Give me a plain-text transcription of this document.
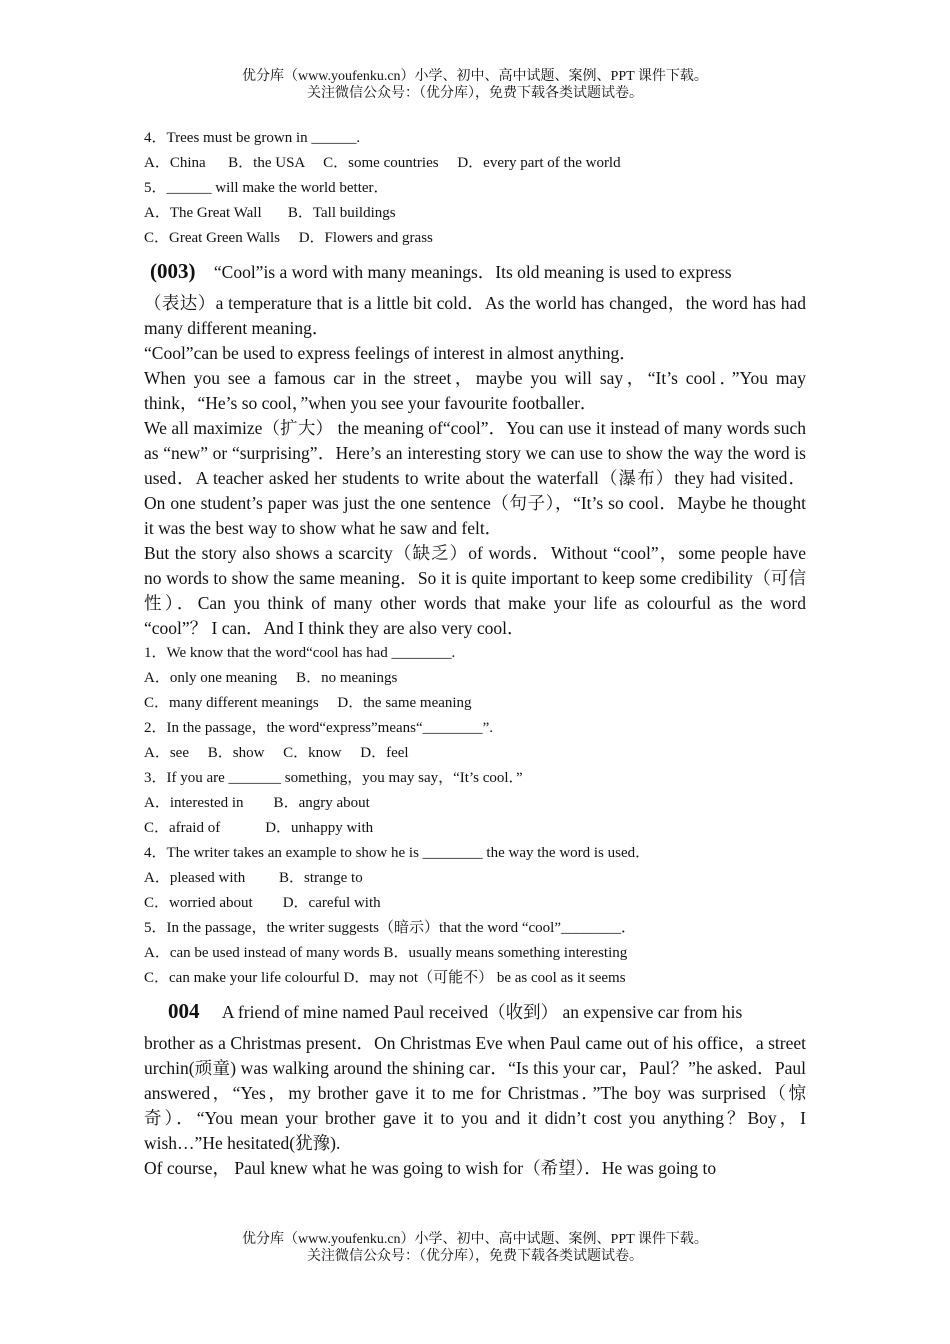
优分库（www.youfenku.cn）小学、初中、高中试题、案例、PPT 课件下载。
关注微信公众号：（优分库），免费下载各类试题试卷。
4．Trees must be grown in ______.
A．China      B．the USA     C．some countries     D．every part of the world
5．______ will make the world better．
A．The Great Wall       B．Tall buildings
C．Great Green Walls     D．Flowers and grass
(003) “Cool”is a word with many meanings．Its old meaning is used to express
（表达）a temperature that is a little bit cold．As the world has changed，the word has had many different meaning．
“Cool”can be used to express feelings of interest in almost anything．
When you see a famous car in the street，maybe you will say，“It’s cool．”You may think，“He’s so cool，”when you see your favourite footballer．
We all maximize（扩大） the meaning of“cool”．You can use it instead of many words such as “new” or “surprising”．Here’s an interesting story we can use to show the way the word is used．A teacher asked her students to write about the waterfall（瀑布）they had visited．On one student’s paper was just the one sentence（句子），“It’s so cool．Maybe he thought it was the best way to show what he saw and felt．
But the story also shows a scarcity（缺乏）of words．Without “cool”，some people have no words to show the same meaning．So it is quite important to keep some credibility（可信性）．Can you think of many other words that make your life as colourful as the word “cool”？ I can．And I think they are also very cool．
1．We know that the word“cool has had ________.
A．only one meaning     B．no meanings
C．many different meanings     D．the same meaning
2．In the passage，the word“express”means“________”.
A．see     B．show     C．know     D．feel
3．If you are _______ something，you may say，“It’s cool．”
A．interested in        B．angry about
C．afraid of            D．unhappy with
4．The writer takes an example to show he is ________ the way the word is used．
A．pleased with         B．strange to
C．worried about        D．careful with
5．In the passage，the writer suggests（暗示）that the word “cool”________．
A．can be used instead of many words B．usually means something interesting
C．can make your life colourful D．may not（可能不） be as cool as it seems
004 A friend of mine named Paul received（收到） an expensive car from his
brother as a Christmas present．On Christmas Eve when Paul came out of his office，a street urchin(顽童) was walking around the shining car．“Is this your car，Paul？”he asked．Paul answered，“Yes，my brother gave it to me for Christmas．”The boy was surprised（惊奇）．“You mean your brother gave it to you and it didn’t cost you anything？Boy，I wish…”He hesitated(犹豫).
Of course， Paul knew what he was going to wish for（希望）．He was going to
优分库（www.youfenku.cn）小学、初中、高中试题、案例、PPT 课件下载。
关注微信公众号：（优分库），免费下载各类试题试卷。
